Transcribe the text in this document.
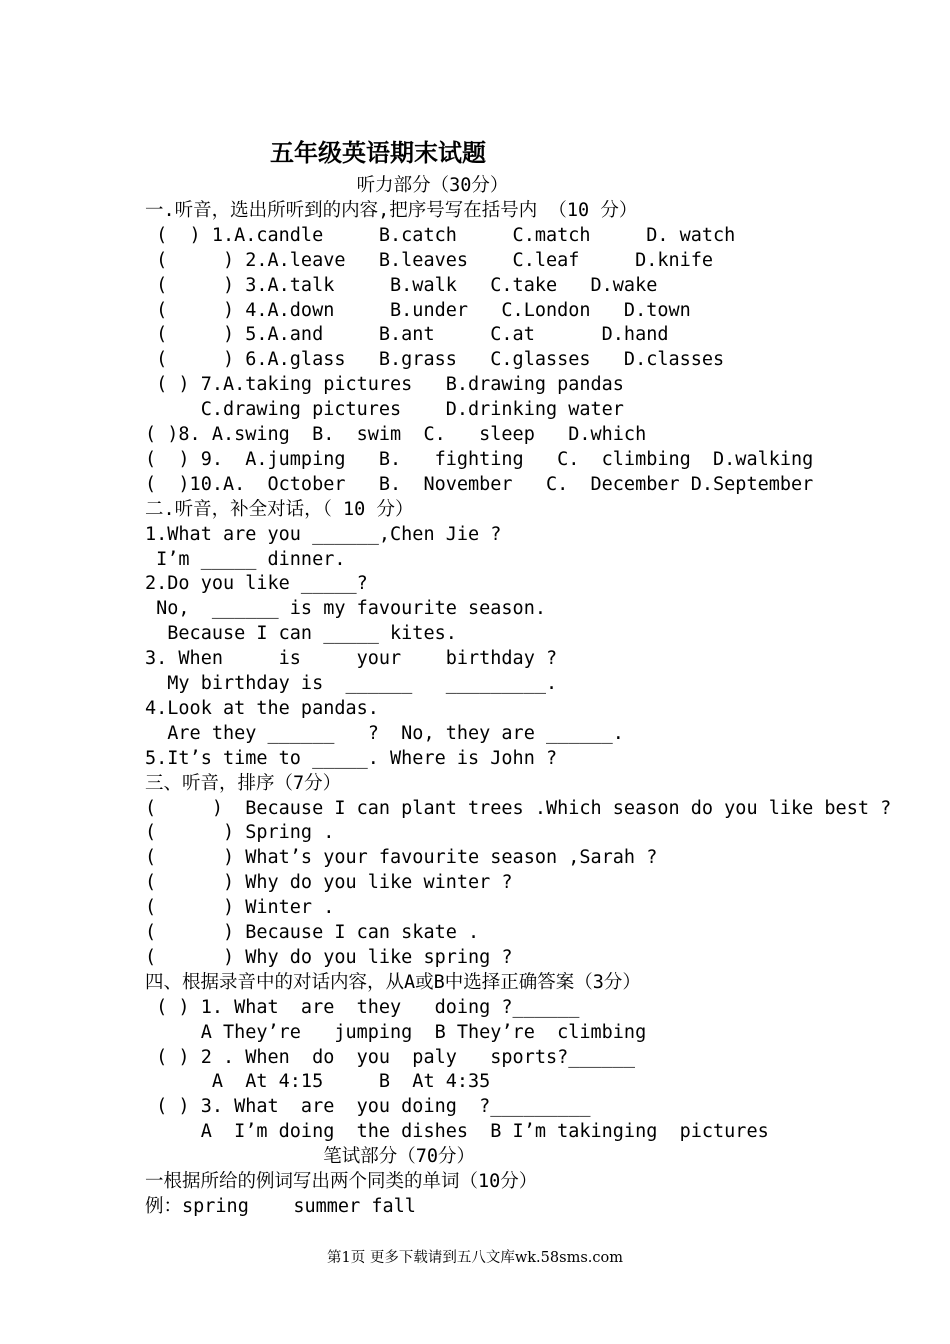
五年级英语期末试题
听力部分（30分）
一.听音，选出所听到的内容,把序号写在括号内 （10 分）
(  ) 1.A.candle     B.catch     C.match     D. watch
(     ) 2.A.leave   B.leaves    C.leaf     D.knife
(     ) 3.A.talk     B.walk   C.take   D.wake
(     ) 4.A.down     B.under   C.London   D.town
(     ) 5.A.and     B.ant     C.at      D.hand
(     ) 6.A.glass   B.grass   C.glasses   D.classes
( ) 7.A.taking pictures   B.drawing pandas
C.drawing pictures    D.drinking water
( )8. A.swing  B.  swim  C.   sleep   D.which
(  ) 9.  A.jumping   B.   fighting   C.  climbing  D.walking
(  )10.A.  October   B.  November   C.  December D.September
二.听音，补全对话，（ 10 分）
1.What are you ______,Chen Jie ?
I’m _____ dinner.
2.Do you like _____?
No,  ______ is my favourite season.
Because I can _____ kites.
3. When     is     your    birthday ?
My birthday is  ______   _________.
4.Look at the pandas.
Are they ______   ?  No, they are ______.
5.It’s time to _____. Where is John ?
三、听音，排序（7分）
(     )  Because I can plant trees .Which season do you like best ?
(      ) Spring .
(      ) What’s your favourite season ,Sarah ?
(      ) Why do you like winter ?
(      ) Winter .
(      ) Because I can skate .
(      ) Why do you like spring ?
四、根据录音中的对话内容，从A或B中选择正确答案（3分）
( ) 1. What  are  they   doing ?______
A They’re   jumping  B They’re  climbing
( ) 2 . When  do  you  paly   sports?______
A  At 4:15     B  At 4:35
( ) 3. What  are  you doing  ?_________
A  I’m doing  the dishes  B I’m takinging  pictures
笔试部分（70分）
一根据所给的例词写出两个同类的单词（10分）
例：spring    summer fall
第1页 更多下载请到五八文库wk.58sms.com
